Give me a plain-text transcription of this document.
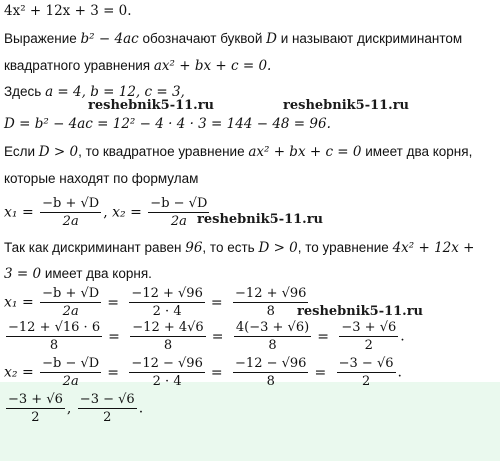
4x² + 12x + 3 = 0.
Выражение b² − 4ac обозначают буквой D и называют дискриминантом
квадратного уравнения ax² + bx + c = 0.
Здесь a = 4, b = 12, c = 3,
reshebnik5-11.ru	reshebnik5-11.ru
D = b² − 4ac = 12² − 4 · 4 · 3 = 144 − 48 = 96.
Если D > 0, то квадратное уравнение ax² + bx + c = 0 имеет два корня,
которые находят по формулам
$x_1 = \frac{-b + √D}{2a}$ , $x_2 = \frac{-b - √D}{2a}$
reshebnik5-11.ru
Так как дискриминант равен 96, то есть D > 0, то уравнение 4x² + 12x +
3 = 0 имеет два корня.
$x_1 = \frac{-b + √D}{2a} = \frac{-12 + √96}{2 \cdot 4} = \frac{-12 + √96}{8}$
reshebnik5-11.ru
$\frac{-12 + √16 \cdot 6}{8} = \frac{-12 + 4√6}{8} = \frac{4(-3 + √6)}{8} = \frac{-3 + √6}{2}$ .
$x_2 = \frac{-b - √D}{2a} = \frac{-12 - √96}{2 \cdot 4} = \frac{-12 - √96}{8} = \frac{-3 - √6}{2}$ .
$\frac{-3 + √6}{2}$ , $\frac{-3 - √6}{2}$ .
